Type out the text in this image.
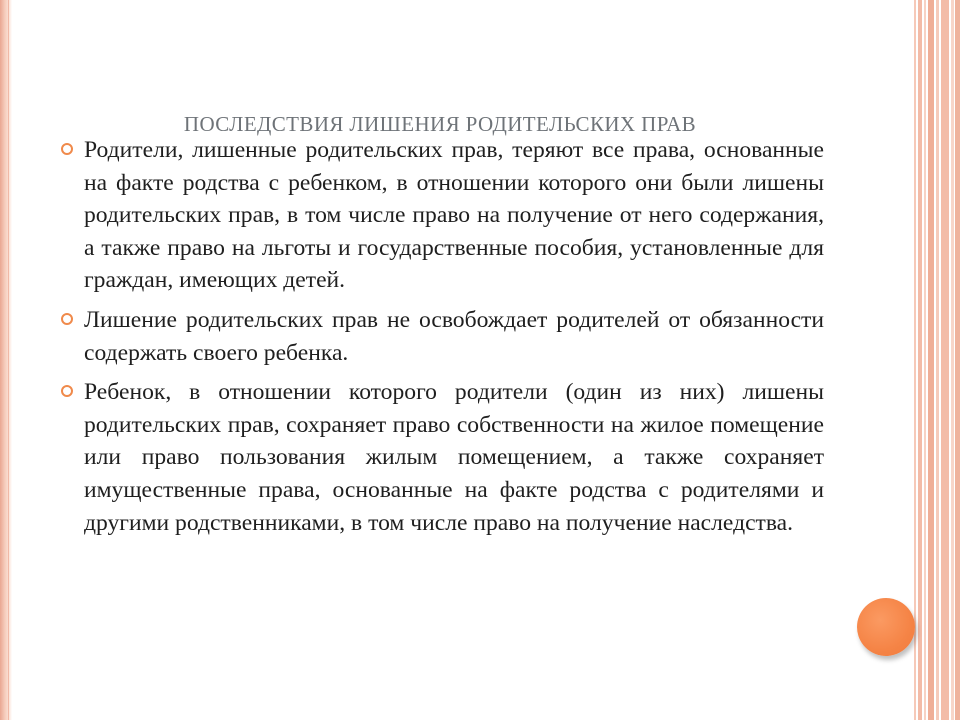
ПОСЛЕДСТВИЯ ЛИШЕНИЯ РОДИТЕЛЬСКИХ ПРАВ

Родители, лишенные родительских прав, теряют все права, основанные на факте родства с ребенком, в отношении которого они были лишены родительских прав, в том числе право на получение от него содержания, а также право на льготы и государственные пособия, установленные для граждан, имеющих детей.

Лишение родительских прав не освобождает родителей от обязанности содержать своего ребенка.

Ребенок, в отношении которого родители (один из них) лишены родительских прав, сохраняет право собственности на жилое помещение или право пользования жилым помещением, а также сохраняет имущественные права, основанные на факте родства с родителями и другими родственниками, в том числе право на получение наследства.
